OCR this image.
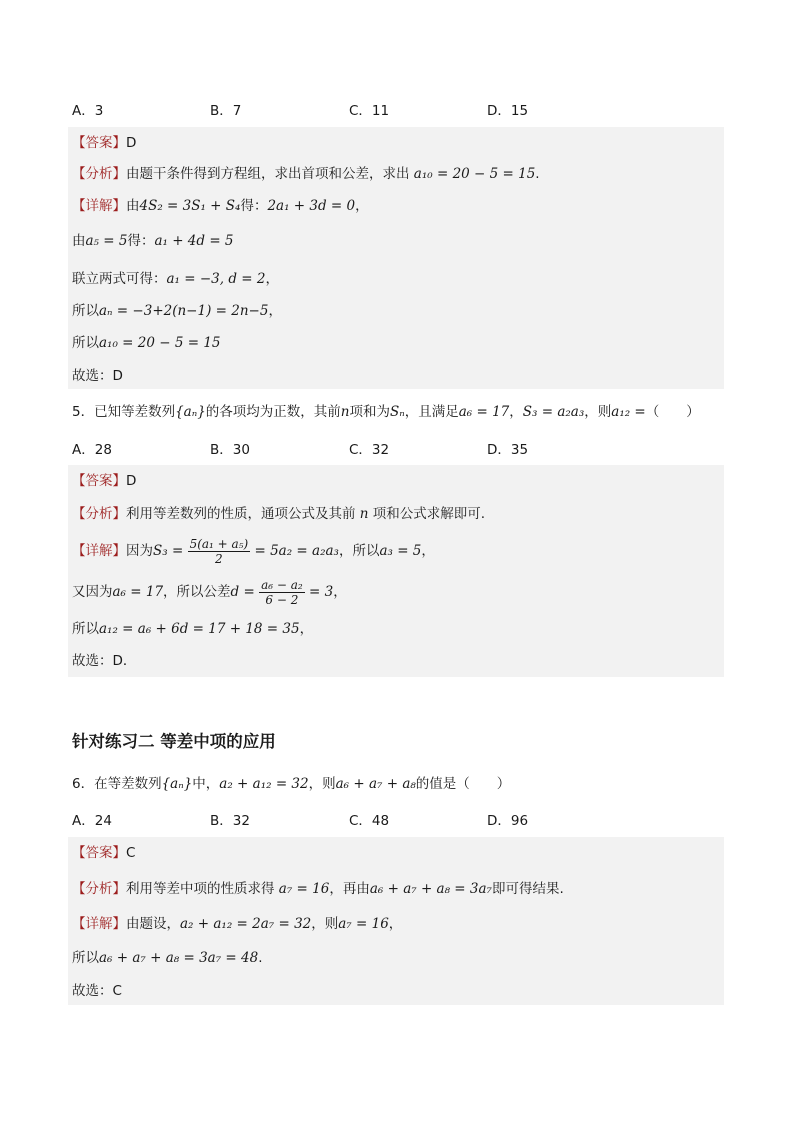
A．3	B．7	C．11	D．15
【答案】D
【分析】由题干条件得到方程组，求出首项和公差，求出 a₁₀ = 20 − 5 = 15.
【详解】由4S₂ = 3S₁ + S₄得：2a₁ + 3d = 0，
由a₅ = 5得：a₁ + 4d = 5
联立两式可得：a₁ = −3, d = 2，
所以aₙ = −3+2(n−1) = 2n−5，
所以a₁₀ = 20 − 5 = 15
故选：D
5．已知等差数列{aₙ}的各项均为正数，其前n项和为Sₙ，且满足a₆ = 17，S₃ = a₂a₃，则a₁₂ =（　　）
A．28	B．30	C．32	D．35
【答案】D
【分析】利用等差数列的性质，通项公式及其前 n 项和公式求解即可.
【详解】因为$S_3 = \frac{\text{5(a₁ + a₅)}}{2} = 5a_2 = a_2a_3$，所以a₃ = 5，
又因为a₆ = 17，所以公差$d = \frac{\text{a₆ − a₂}}{6 - 2} = 3$，
所以a₁₂ = a₆ + 6d = 17 + 18 = 35，
故选：D．
针对练习二 等差中项的应用
6．在等差数列{aₙ}中，a₂ + a₁₂ = 32，则a₆ + a₇ + a₈的值是（　　）
A．24	B．32	C．48	D．96
【答案】C
【分析】利用等差中项的性质求得 a₇ = 16，再由a₆ + a₇ + a₈ = 3a₇即可得结果.
【详解】由题设，a₂ + a₁₂ = 2a₇ = 32，则a₇ = 16，
所以a₆ + a₇ + a₈ = 3a₇ = 48.
故选：C
